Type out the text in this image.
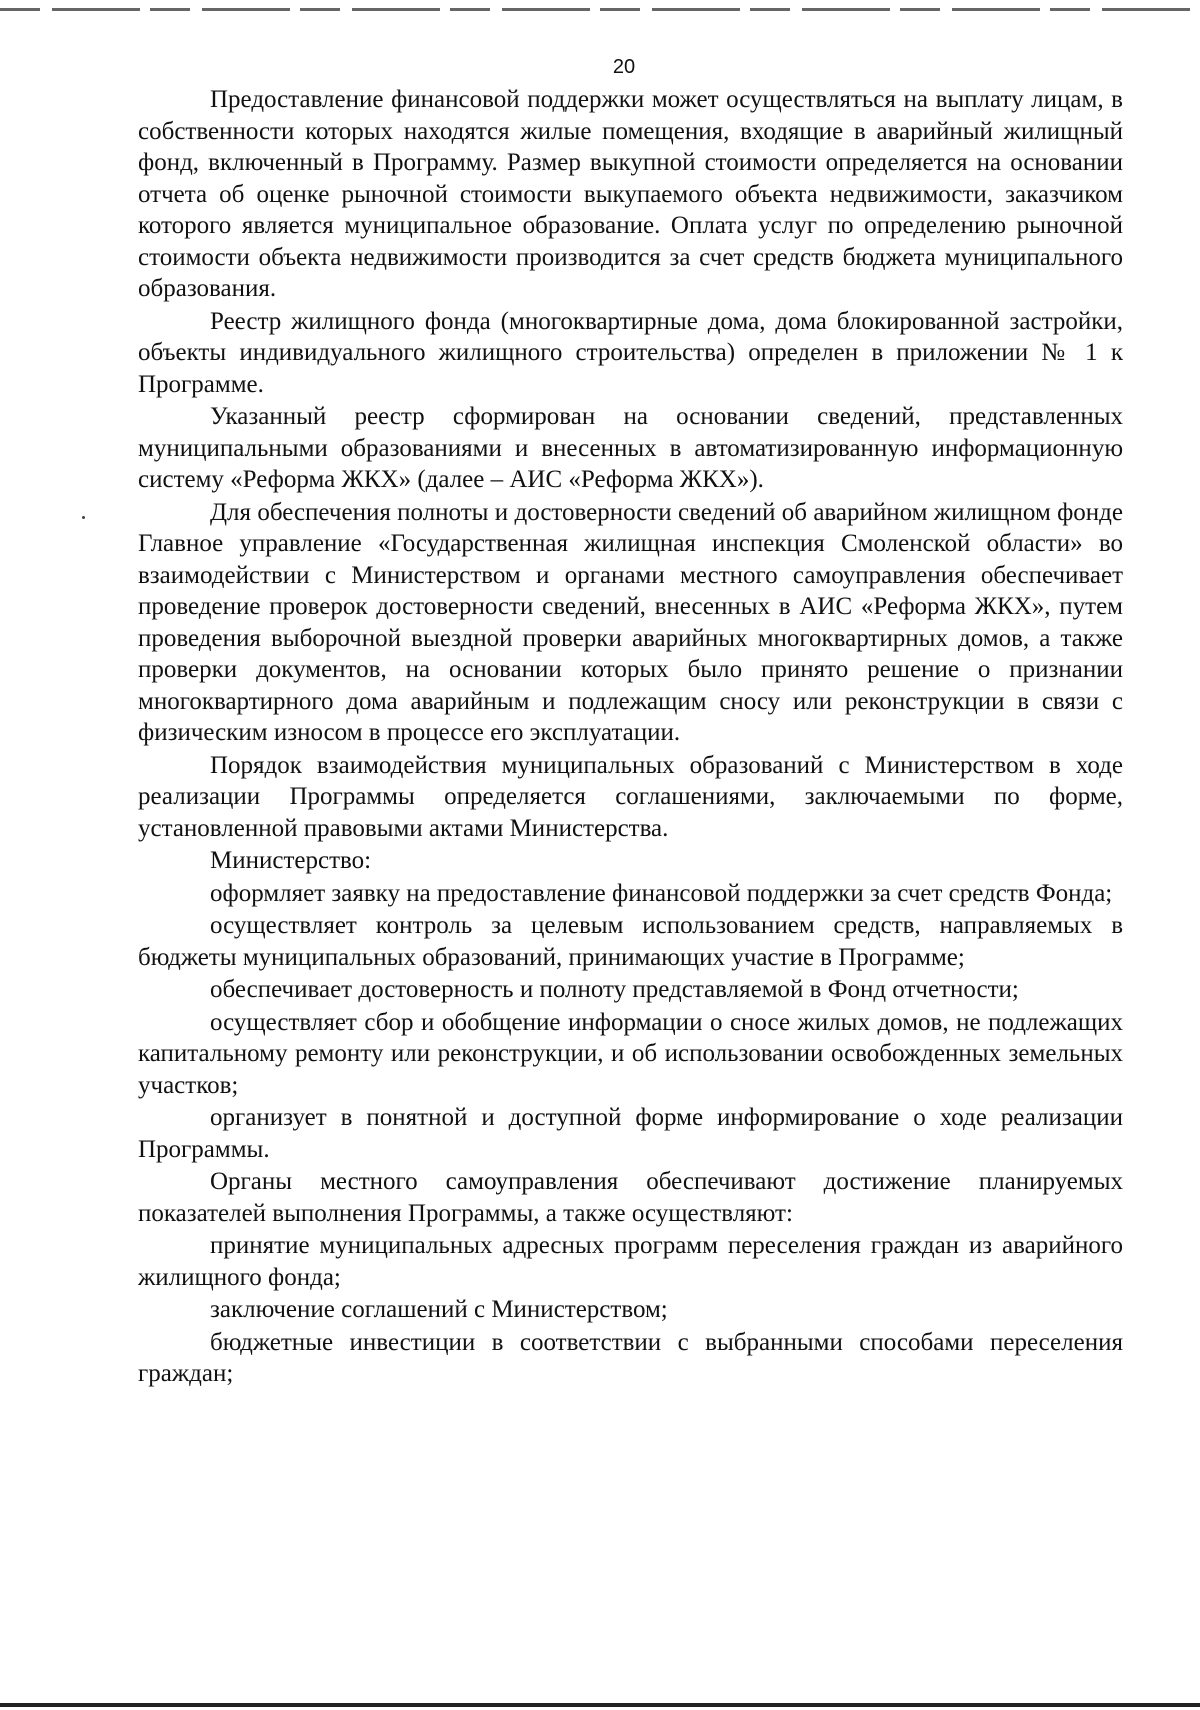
20

Предоставление финансовой поддержки может осуществляться на выплату лицам, в собственности которых находятся жилые помещения, входящие в аварийный жилищный фонд, включенный в Программу. Размер выкупной стоимости определяется на основании отчета об оценке рыночной стоимости выкупаемого объекта недвижимости, заказчиком которого является муниципальное образование. Оплата услуг по определению рыночной стоимости объекта недвижимости производится за счет средств бюджета муниципального образования.

Реестр жилищного фонда (многоквартирные дома, дома блокированной застройки, объекты индивидуального жилищного строительства) определен в приложении № 1 к Программе.

Указанный реестр сформирован на основании сведений, представленных муниципальными образованиями и внесенных в автоматизированную информационную систему «Реформа ЖКХ» (далее – АИС «Реформа ЖКХ»).

Для обеспечения полноты и достоверности сведений об аварийном жилищном фонде Главное управление «Государственная жилищная инспекция Смоленской области» во взаимодействии с Министерством и органами местного самоуправления обеспечивает проведение проверок достоверности сведений, внесенных в АИС «Реформа ЖКХ», путем проведения выборочной выездной проверки аварийных многоквартирных домов, а также проверки документов, на основании которых было принято решение о признании многоквартирного дома аварийным и подлежащим сносу или реконструкции в связи с физическим износом в процессе его эксплуатации.

Порядок взаимодействия муниципальных образований с Министерством в ходе реализации Программы определяется соглашениями, заключаемыми по форме, установленной правовыми актами Министерства.

Министерство:

оформляет заявку на предоставление финансовой поддержки за счет средств Фонда;

осуществляет контроль за целевым использованием средств, направляемых в бюджеты муниципальных образований, принимающих участие в Программе;

обеспечивает достоверность и полноту представляемой в Фонд отчетности;

осуществляет сбор и обобщение информации о сносе жилых домов, не подлежащих капитальному ремонту или реконструкции, и об использовании освобожденных земельных участков;

организует в понятной и доступной форме информирование о ходе реализации Программы.

Органы местного самоуправления обеспечивают достижение планируемых показателей выполнения Программы, а также осуществляют:

принятие муниципальных адресных программ переселения граждан из аварийного жилищного фонда;

заключение соглашений с Министерством;

бюджетные инвестиции в соответствии с выбранными способами переселения граждан;
